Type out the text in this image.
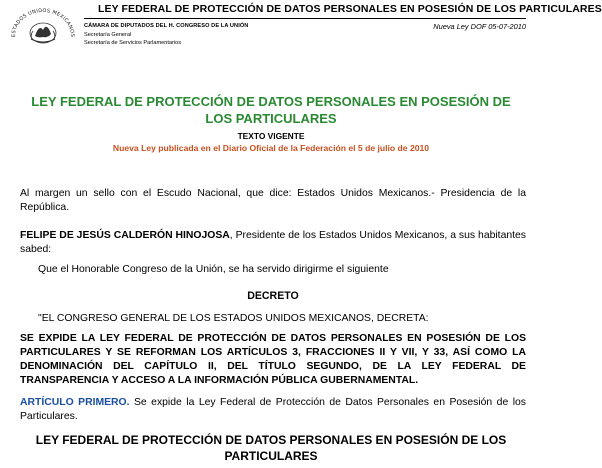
ESTADOS UNIDOS MEXICANOS
LEY FEDERAL DE PROTECCIÓN DE DATOS PERSONALES EN POSESIÓN DE LOS PARTICULARES
CÁMARA DE DIPUTADOS DEL H. CONGRESO DE LA UNIÓN
Secretaría General
Secretaría de Servicios Parlamentarios
Nueva Ley DOF 05-07-2010
LEY FEDERAL DE PROTECCIÓN DE DATOS PERSONALES EN POSESIÓN DE LOS PARTICULARES
TEXTO VIGENTE
Nueva Ley publicada en el Diario Oficial de la Federación el 5 de julio de 2010
Al margen un sello con el Escudo Nacional, que dice: Estados Unidos Mexicanos.- Presidencia de la República.
FELIPE DE JESÚS CALDERÓN HINOJOSA, Presidente de los Estados Unidos Mexicanos, a sus habitantes sabed:
Que el Honorable Congreso de la Unión, se ha servido dirigirme el siguiente
DECRETO
"EL CONGRESO GENERAL DE LOS ESTADOS UNIDOS MEXICANOS, DECRETA:
SE EXPIDE LA LEY FEDERAL DE PROTECCIÓN DE DATOS PERSONALES EN POSESIÓN DE LOS PARTICULARES Y SE REFORMAN LOS ARTÍCULOS 3, FRACCIONES II Y VII, Y 33, ASÍ COMO LA DENOMINACIÓN DEL CAPÍTULO II, DEL TÍTULO SEGUNDO, DE LA LEY FEDERAL DE TRANSPARENCIA Y ACCESO A LA INFORMACIÓN PÚBLICA GUBERNAMENTAL.
ARTÍCULO PRIMERO. Se expide la Ley Federal de Protección de Datos Personales en Posesión de los Particulares.
LEY FEDERAL DE PROTECCIÓN DE DATOS PERSONALES EN POSESIÓN DE LOS PARTICULARES
